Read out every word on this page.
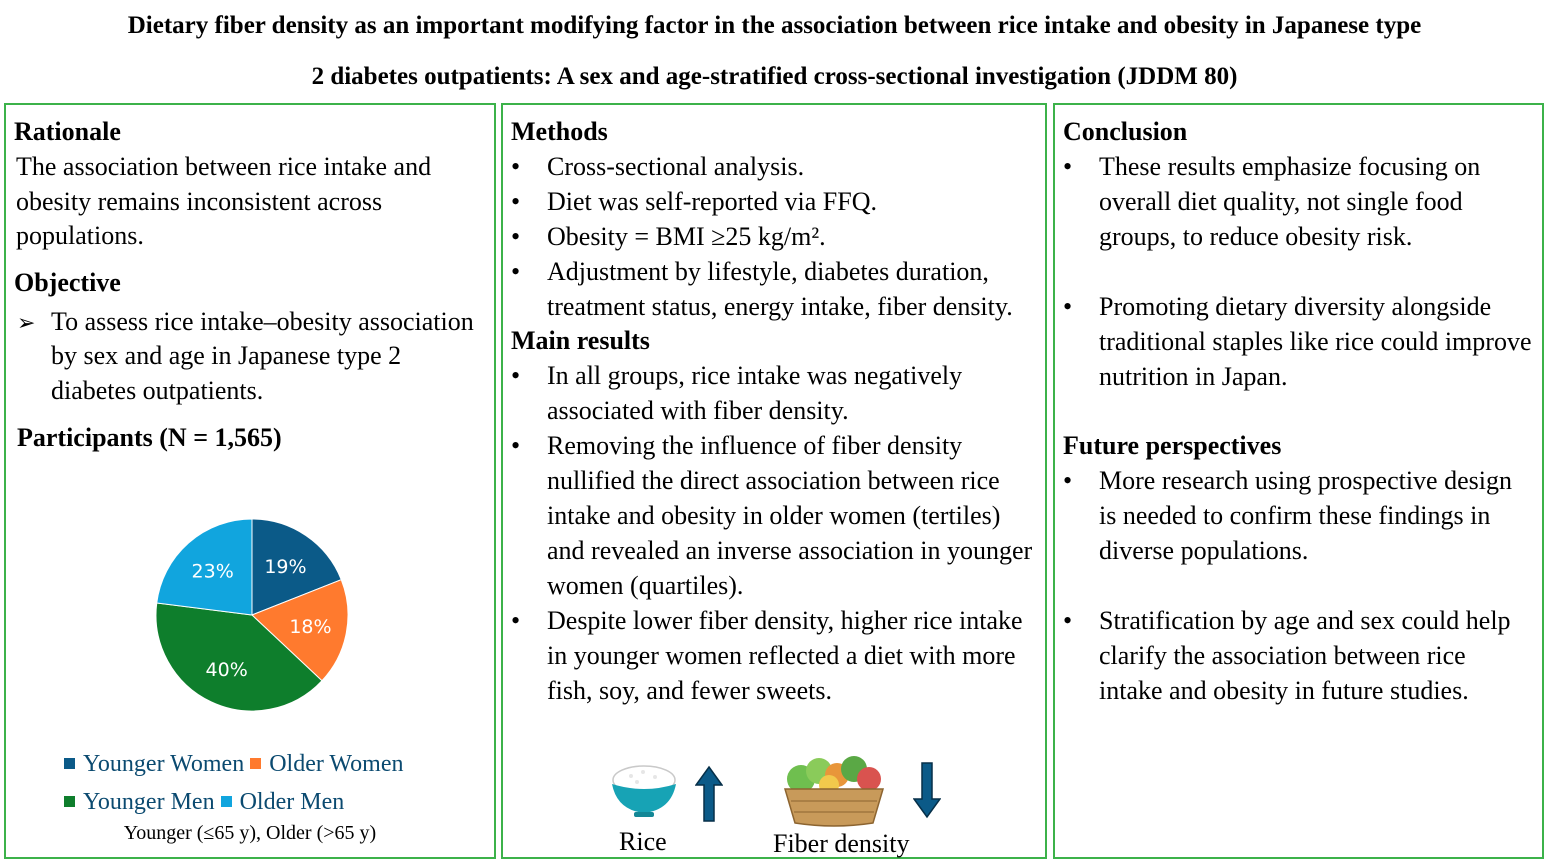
Dietary fiber density as an important modifying factor in the association between rice intake and obesity in Japanese type
2 diabetes outpatients: A sex and age-stratified cross-sectional investigation (JDDM 80)

Rationale

The association between rice intake and obesity remains inconsistent across populations.

Objective

➢ To assess rice intake–obesity association by sex and age in Japanese type 2 diabetes outpatients.

Participants (N = 1,565)

19%
18%
40%
23%
Younger Women Older Women
Younger Men Older Men
Younger (≤65 y), Older (>65 y)

Methods

• Cross-sectional analysis.
• Diet was self-reported via FFQ.
• Obesity = BMI ≥25 kg/m².
• Adjustment by lifestyle, diabetes duration, treatment status, energy intake, fiber density.

Main results

• In all groups, rice intake was negatively associated with fiber density.
• Removing the influence of fiber density nullified the direct association between rice intake and obesity in older women (tertiles) and revealed an inverse association in younger women (quartiles).
• Despite lower fiber density, higher rice intake in younger women reflected a diet with more fish, soy, and fewer sweets.
Rice	Fiber density

Conclusion

• These results emphasize focusing on overall diet quality, not single food groups, to reduce obesity risk.
• Promoting dietary diversity alongside traditional staples like rice could improve nutrition in Japan.

Future perspectives

• More research using prospective design is needed to confirm these findings in diverse populations.
• Stratification by age and sex could help clarify the association between rice intake and obesity in future studies.
